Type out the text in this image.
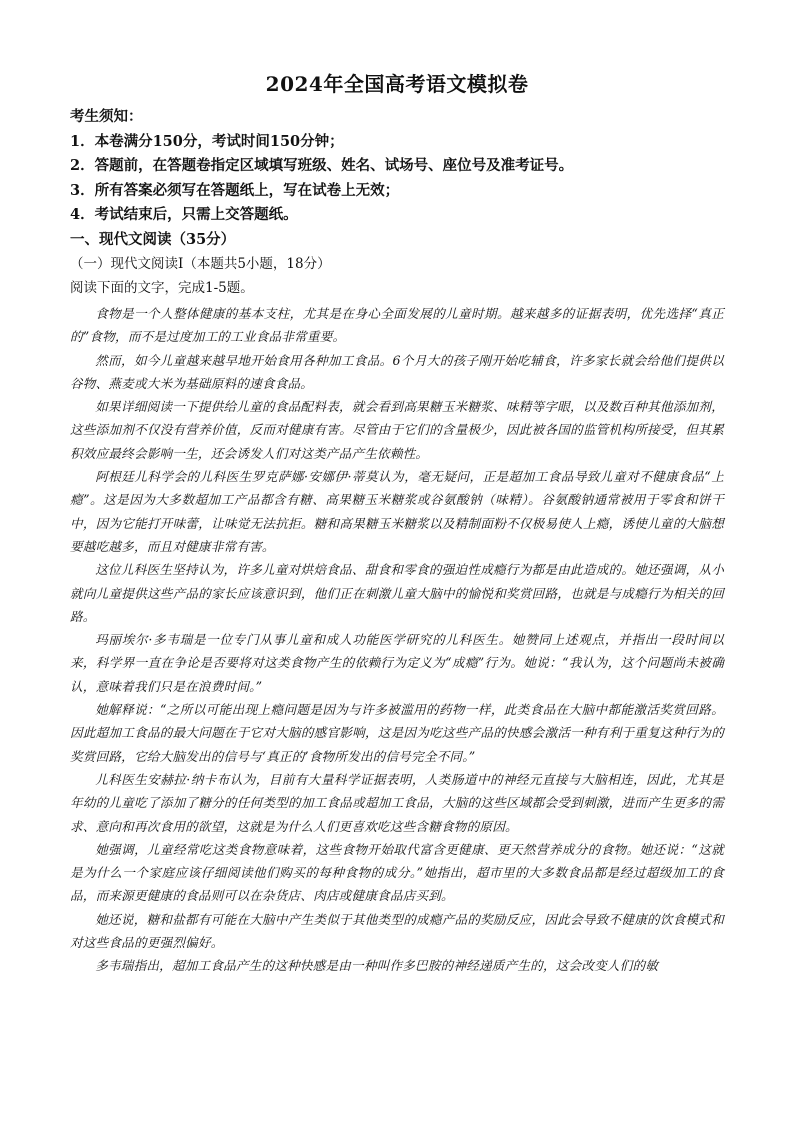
2024年全国高考语文模拟卷

考生须知：

1．本卷满分150分，考试时间150分钟；

2．答题前，在答题卷指定区域填写班级、姓名、试场号、座位号及准考证号。

3．所有答案必须写在答题纸上，写在试卷上无效；

4．考试结束后，只需上交答题纸。

一、现代文阅读（35分）

（一）现代文阅读Ⅰ（本题共5小题，18分）

阅读下面的文字，完成1-5题。

食物是一个人整体健康的基本支柱，尤其是在身心全面发展的儿童时期。越来越多的证据表明，优先选择“真正的”食物，而不是过度加工的工业食品非常重要。

然而，如今儿童越来越早地开始食用各种加工食品。6个月大的孩子刚开始吃辅食，许多家长就会给他们提供以谷物、燕麦或大米为基础原料的速食食品。

如果详细阅读一下提供给儿童的食品配料表，就会看到高果糖玉米糖浆、味精等字眼，以及数百种其他添加剂，这些添加剂不仅没有营养价值，反而对健康有害。尽管由于它们的含量极少，因此被各国的监管机构所接受，但其累积效应最终会影响一生，还会诱发人们对这类产品产生依赖性。

阿根廷儿科学会的儿科医生罗克萨娜·安娜伊·蒂莫认为，毫无疑问，正是超加工食品导致儿童对不健康食品“上瘾”。这是因为大多数超加工产品都含有糖、高果糖玉米糖浆或谷氨酸钠（味精）。谷氨酸钠通常被用于零食和饼干中，因为它能打开味蕾，让味觉无法抗拒。糖和高果糖玉米糖浆以及精制面粉不仅极易使人上瘾，诱使儿童的大脑想要越吃越多，而且对健康非常有害。

这位儿科医生坚持认为，许多儿童对烘焙食品、甜食和零食的强迫性成瘾行为都是由此造成的。她还强调，从小就向儿童提供这些产品的家长应该意识到，他们正在刺激儿童大脑中的愉悦和奖赏回路，也就是与成瘾行为相关的回路。

玛丽埃尔·多韦瑞是一位专门从事儿童和成人功能医学研究的儿科医生。她赞同上述观点，并指出一段时间以来，科学界一直在争论是否要将对这类食物产生的依赖行为定义为“成瘾”行为。她说：“我认为，这个问题尚未被确认，意味着我们只是在浪费时间。”

她解释说：“之所以可能出现上瘾问题是因为与许多被滥用的药物一样，此类食品在大脑中都能激活奖赏回路。因此超加工食品的最大问题在于它对大脑的感官影响，这是因为吃这些产品的快感会激活一种有利于重复这种行为的奖赏回路，它给大脑发出的信号与‘真正的’食物所发出的信号完全不同。”

儿科医生安赫拉·纳卡布认为，目前有大量科学证据表明，人类肠道中的神经元直接与大脑相连，因此，尤其是年幼的儿童吃了添加了糖分的任何类型的加工食品或超加工食品，大脑的这些区域都会受到刺激，进而产生更多的需求、意向和再次食用的欲望，这就是为什么人们更喜欢吃这些含糖食物的原因。

她强调，儿童经常吃这类食物意味着，这些食物开始取代富含更健康、更天然营养成分的食物。她还说：“这就是为什么一个家庭应该仔细阅读他们购买的每种食物的成分。”她指出，超市里的大多数食品都是经过超级加工的食品，而来源更健康的食品则可以在杂货店、肉店或健康食品店买到。

她还说，糖和盐都有可能在大脑中产生类似于其他类型的成瘾产品的奖励反应，因此会导致不健康的饮食模式和对这些食品的更强烈偏好。

多韦瑞指出，超加工食品产生的这种快感是由一种叫作多巴胺的神经递质产生的，这会改变人们的敏
